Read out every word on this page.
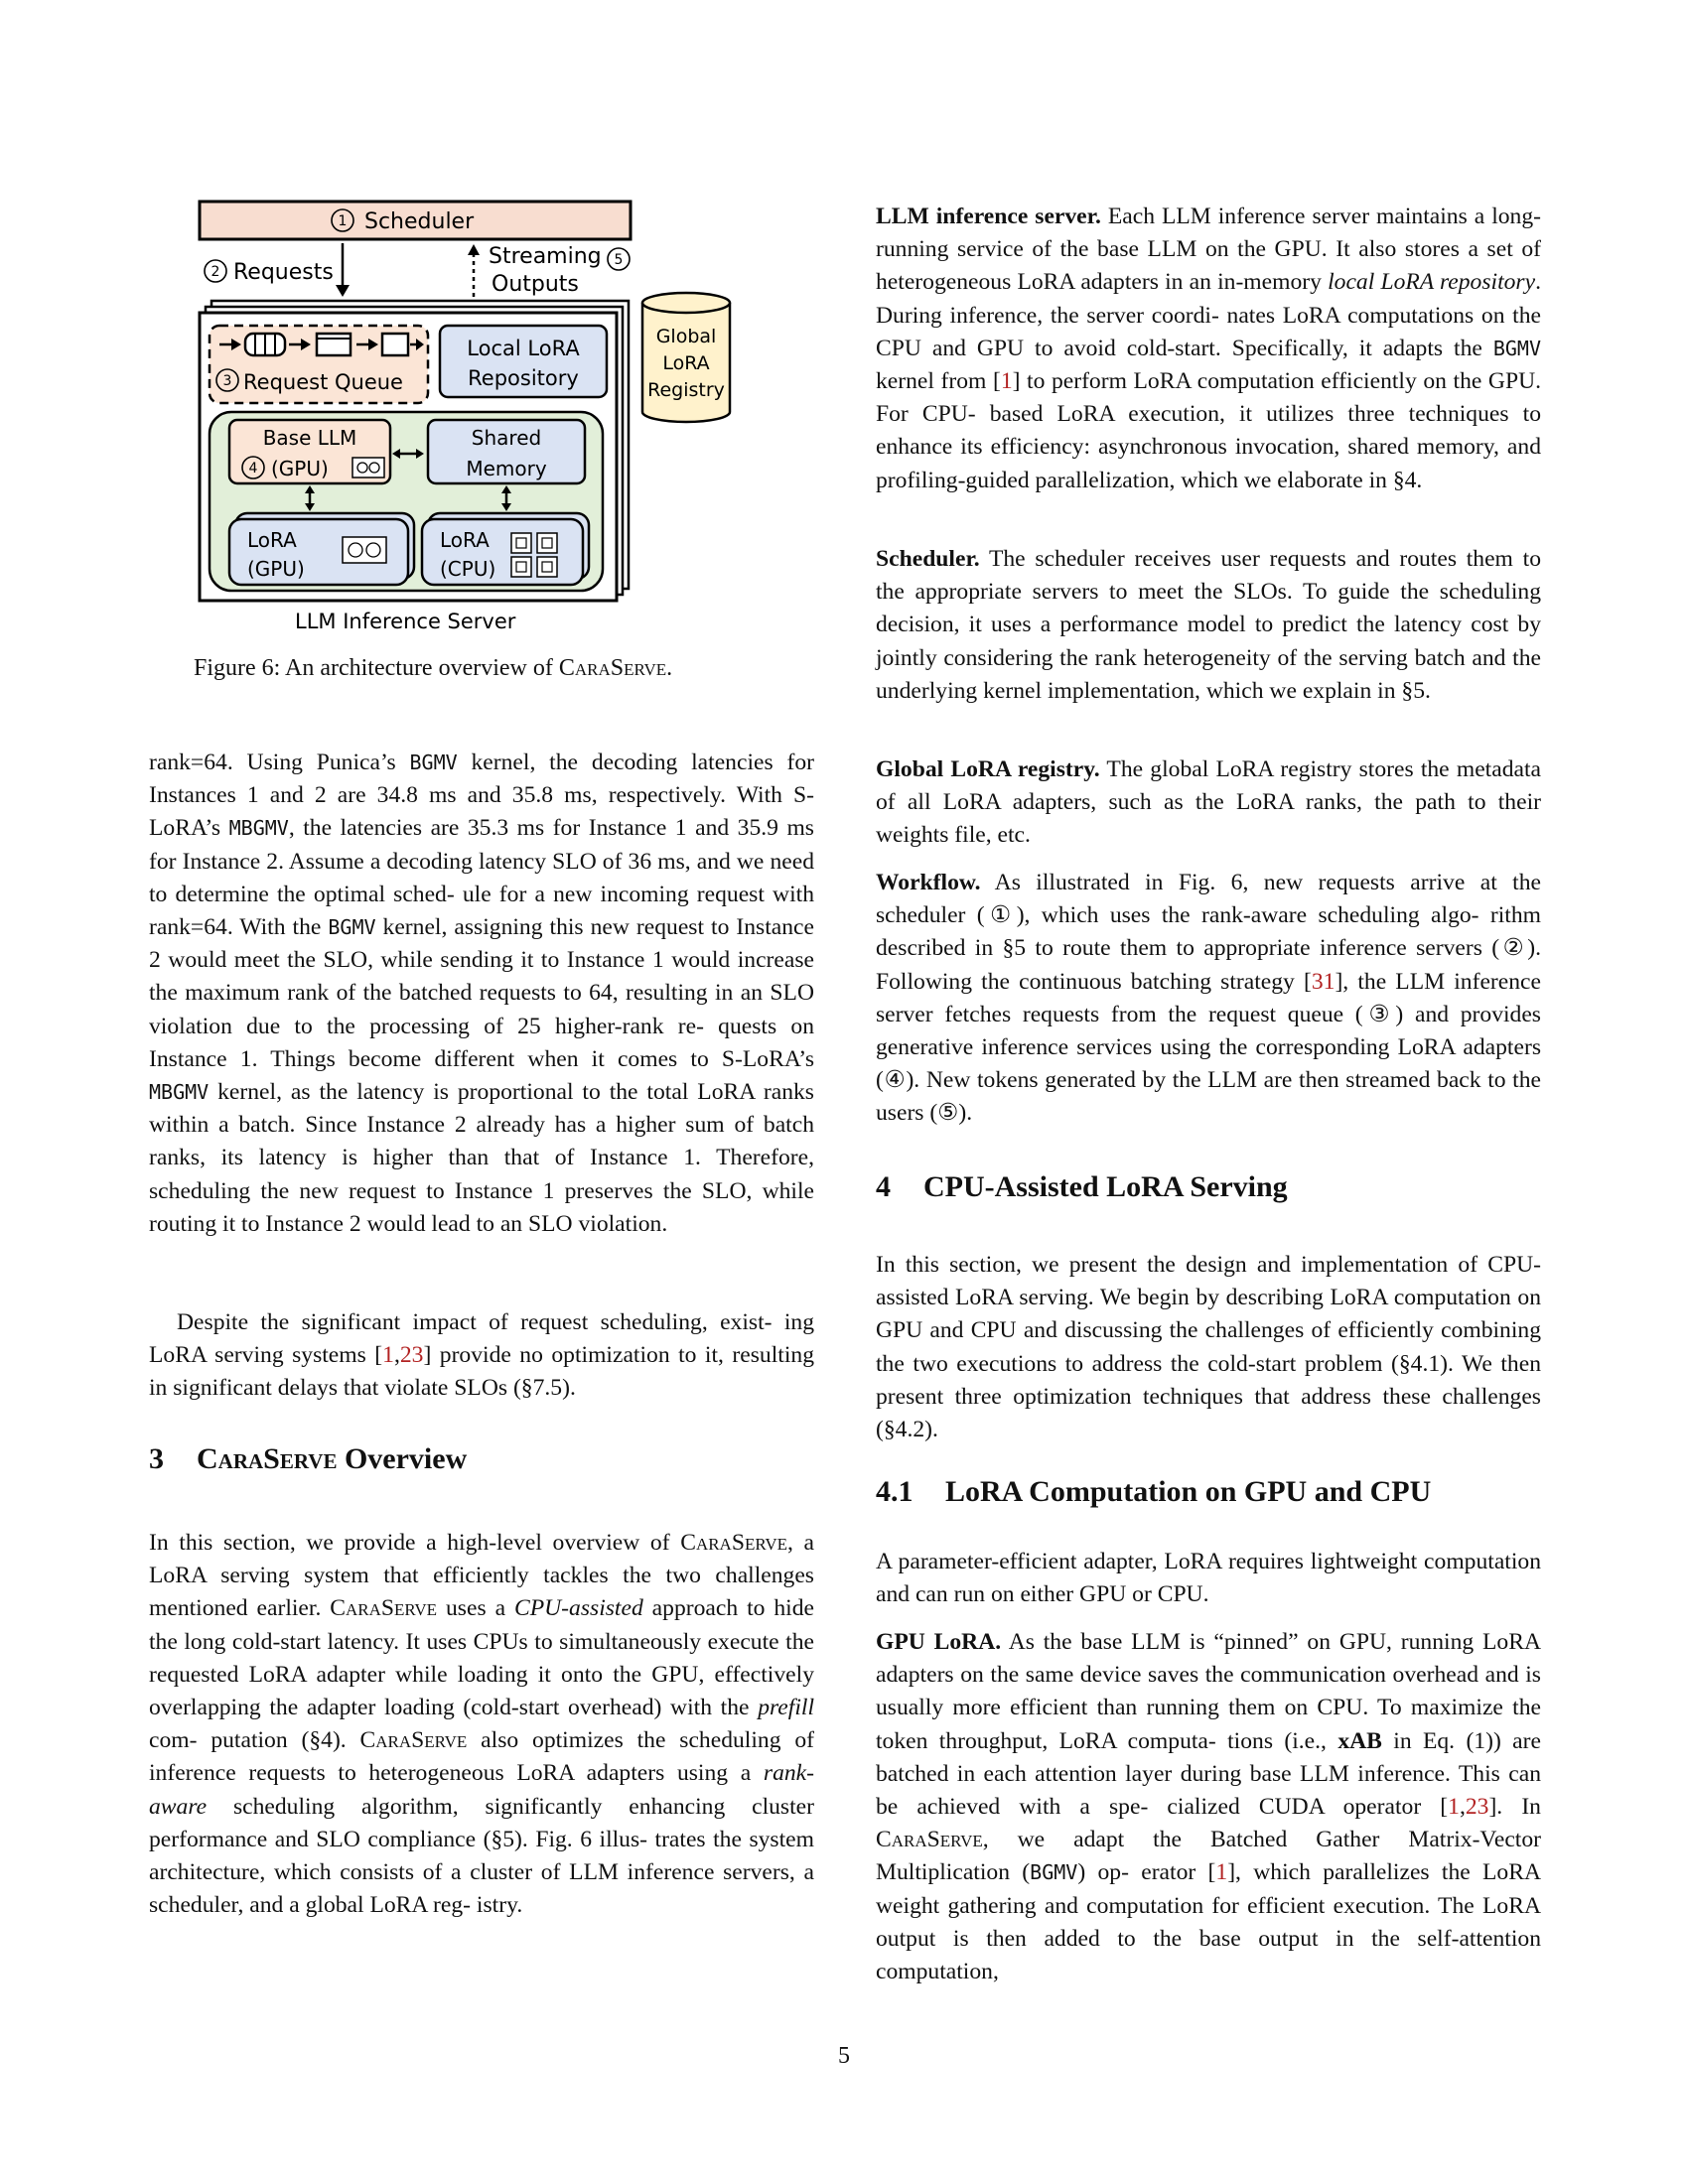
1 Scheduler
2 Requests
Streaming
Outputs
5
3 Request Queue
Local LoRA
Repository
Global
LoRA
Registry
Base LLM
4 (GPU)
Shared
Memory
LoRA
(GPU)
LoRA
(CPU)
LLM Inference Server

Figure 6: An architecture overview of CaraServe.

rank=64. Using Punica’s BGMV kernel, the decoding latencies for Instances 1 and 2 are 34.8 ms and 35.8 ms, respectively. With S-LoRA’s MBGMV, the latencies are 35.3 ms for Instance 1 and 35.9 ms for Instance 2. Assume a decoding latency SLO of 36 ms, and we need to determine the optimal sched- ule for a new incoming request with rank=64. With the BGMV kernel, assigning this new request to Instance 2 would meet the SLO, while sending it to Instance 1 would increase the maximum rank of the batched requests to 64, resulting in an SLO violation due to the processing of 25 higher-rank re- quests on Instance 1. Things become different when it comes to S-LoRA’s MBGMV kernel, as the latency is proportional to the total LoRA ranks within a batch. Since Instance 2 already has a higher sum of batch ranks, its latency is higher than that of Instance 1. Therefore, scheduling the new request to Instance 1 preserves the SLO, while routing it to Instance 2 would lead to an SLO violation.

Despite the significant impact of request scheduling, exist- ing LoRA serving systems [1,23] provide no optimization to it, resulting in significant delays that violate SLOs (§7.5).

3 CaraServe Overview

In this section, we provide a high-level overview of CaraServe, a LoRA serving system that efficiently tackles the two challenges mentioned earlier. CaraServe uses a CPU-assisted approach to hide the long cold-start latency. It uses CPUs to simultaneously execute the requested LoRA adapter while loading it onto the GPU, effectively overlapping the adapter loading (cold-start overhead) with the prefill com- putation (§4). CaraServe also optimizes the scheduling of inference requests to heterogeneous LoRA adapters using a rank-aware scheduling algorithm, significantly enhancing cluster performance and SLO compliance (§5). Fig. 6 illus- trates the system architecture, which consists of a cluster of LLM inference servers, a scheduler, and a global LoRA reg- istry.

LLM inference server. Each LLM inference server maintains a long-running service of the base LLM on the GPU. It also stores a set of heterogeneous LoRA adapters in an in-memory local LoRA repository. During inference, the server coordi- nates LoRA computations on the CPU and GPU to avoid cold-start. Specifically, it adapts the BGMV kernel from [1] to perform LoRA computation efficiently on the GPU. For CPU- based LoRA execution, it utilizes three techniques to enhance its efficiency: asynchronous invocation, shared memory, and profiling-guided parallelization, which we elaborate in §4.

Scheduler. The scheduler receives user requests and routes them to the appropriate servers to meet the SLOs. To guide the scheduling decision, it uses a performance model to predict the latency cost by jointly considering the rank heterogeneity of the serving batch and the underlying kernel implementation, which we explain in §5.

Global LoRA registry. The global LoRA registry stores the metadata of all LoRA adapters, such as the LoRA ranks, the path to their weights file, etc.

Workflow. As illustrated in Fig. 6, new requests arrive at the scheduler (①), which uses the rank-aware scheduling algo- rithm described in §5 to route them to appropriate inference servers (②). Following the continuous batching strategy [31], the LLM inference server fetches requests from the request queue (③) and provides generative inference services using the corresponding LoRA adapters (④). New tokens generated by the LLM are then streamed back to the users (⑤).

4 CPU-Assisted LoRA Serving

In this section, we present the design and implementation of CPU-assisted LoRA serving. We begin by describing LoRA computation on GPU and CPU and discussing the challenges of efficiently combining the two executions to address the cold-start problem (§4.1). We then present three optimization techniques that address these challenges (§4.2).

4.1 LoRA Computation on GPU and CPU

A parameter-efficient adapter, LoRA requires lightweight computation and can run on either GPU or CPU.

GPU LoRA. As the base LLM is “pinned” on GPU, running LoRA adapters on the same device saves the communication overhead and is usually more efficient than running them on CPU. To maximize the token throughput, LoRA computa- tions (i.e., xAB in Eq. (1)) are batched in each attention layer during base LLM inference. This can be achieved with a spe- cialized CUDA operator [1,23]. In CaraServe, we adapt the Batched Gather Matrix-Vector Multiplication (BGMV) op- erator [1], which parallelizes the LoRA weight gathering and computation for efficient execution. The LoRA output is then added to the base output in the self-attention computation,

5
